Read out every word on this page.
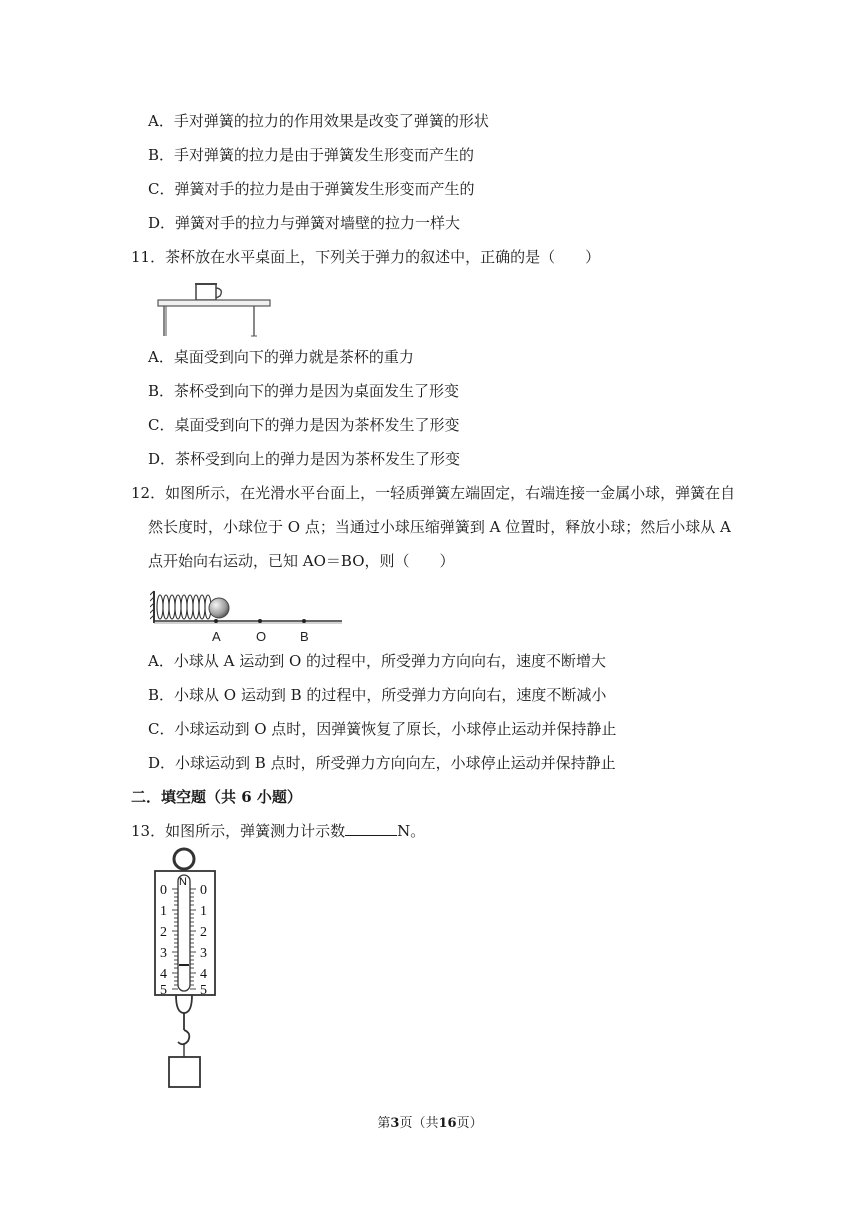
A．手对弹簧的拉力的作用效果是改变了弹簧的形状
B．手对弹簧的拉力是由于弹簧发生形变而产生的
C．弹簧对手的拉力是由于弹簧发生形变而产生的
D．弹簧对手的拉力与弹簧对墙壁的拉力一样大
11．茶杯放在水平桌面上，下列关于弹力的叙述中，正确的是（　　）
A．桌面受到向下的弹力就是茶杯的重力
B．茶杯受到向下的弹力是因为桌面发生了形变
C．桌面受到向下的弹力是因为茶杯发生了形变
D．茶杯受到向上的弹力是因为茶杯发生了形变
12．如图所示，在光滑水平台面上，一轻质弹簧左端固定，右端连接一金属小球，弹簧在自
然长度时，小球位于 O 点；当通过小球压缩弹簧到 A 位置时，释放小球；然后小球从 A
点开始向右运动，已知 AO＝BO，则（　　）
A	O	B
A．小球从 A 运动到 O 的过程中，所受弹力方向向右，速度不断增大
B．小球从 O 运动到 B 的过程中，所受弹力方向向右，速度不断减小
C．小球运动到 O 点时，因弹簧恢复了原长，小球停止运动并保持静止
D．小球运动到 B 点时，所受弹力方向向左，小球停止运动并保持静止
二．填空题（共 6 小题）
13．如图所示，弹簧测力计示数	N。
N
0
1
2
3
4
5
0
1
2
3
4
5
第3页（共16页）
